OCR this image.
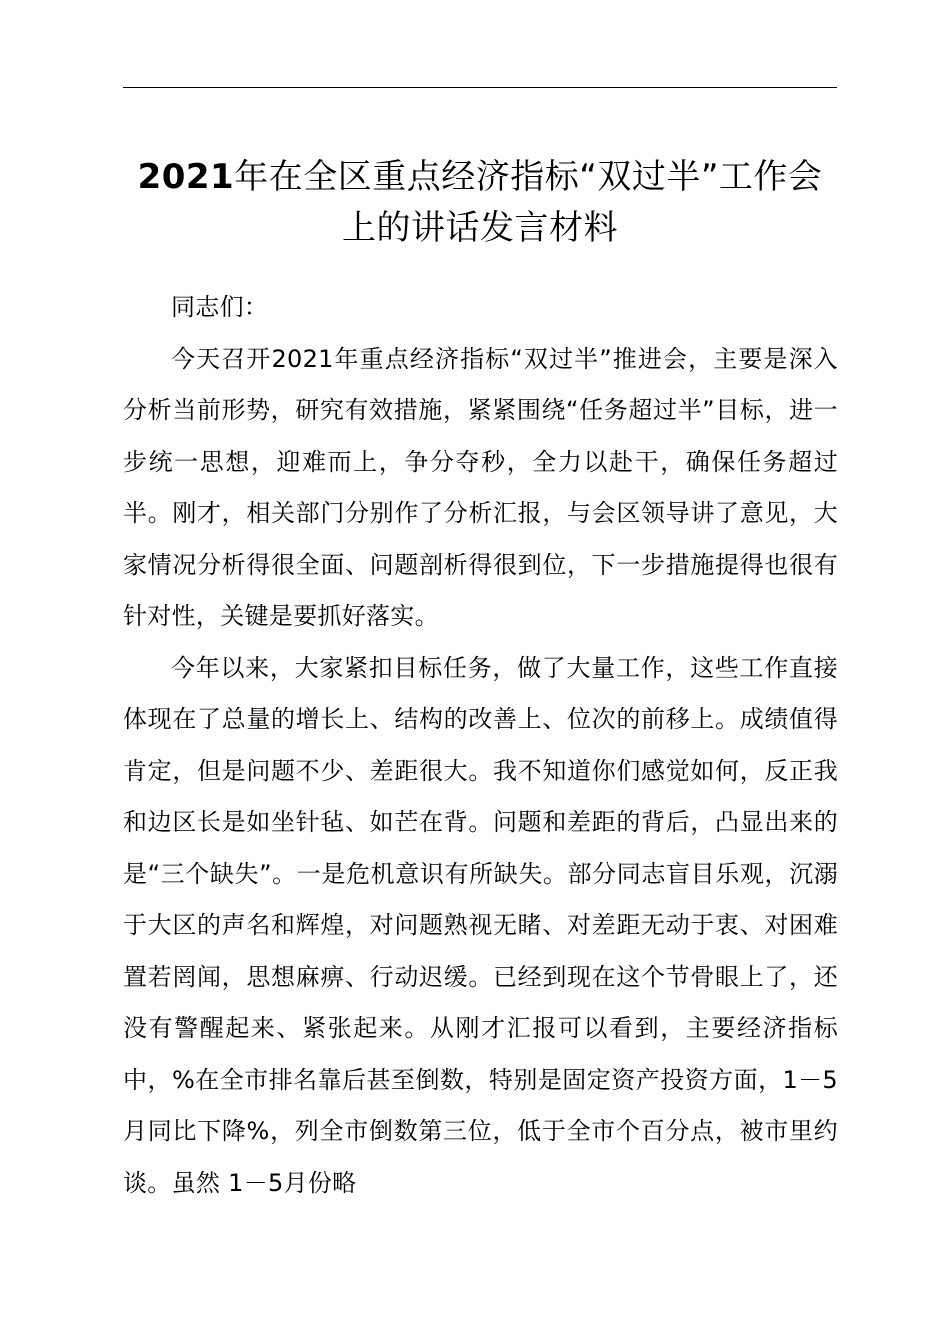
2021年在全区重点经济指标“双过半”工作会
上的讲话发言材料

同志们：

今天召开2021年重点经济指标“双过半”推进会，主要是深入分析当前形势，研究有效措施，紧紧围绕“任务超过半”目标，进一步统一思想，迎难而上，争分夺秒，全力以赴干，确保任务超过半。刚才，相关部门分别作了分析汇报，与会区领导讲了意见，大家情况分析得很全面、问题剖析得很到位，下一步措施提得也很有针对性，关键是要抓好落实。

今年以来，大家紧扣目标任务，做了大量工作，这些工作直接体现在了总量的增长上、结构的改善上、位次的前移上。成绩值得肯定，但是问题不少、差距很大。我不知道你们感觉如何，反正我和边区长是如坐针毡、如芒在背。问题和差距的背后，凸显出来的是“三个缺失”。一是危机意识有所缺失。部分同志盲目乐观，沉溺于大区的声名和辉煌，对问题熟视无睹、对差距无动于衷、对困难置若罔闻，思想麻痹、行动迟缓。已经到现在这个节骨眼上了，还没有警醒起来、紧张起来。从刚才汇报可以看到，主要经济指标中，%在全市排名靠后甚至倒数，特别是固定资产投资方面，1－5月同比下降%，列全市倒数第三位，低于全市个百分点，被市里约谈。虽然 1－5月份略
